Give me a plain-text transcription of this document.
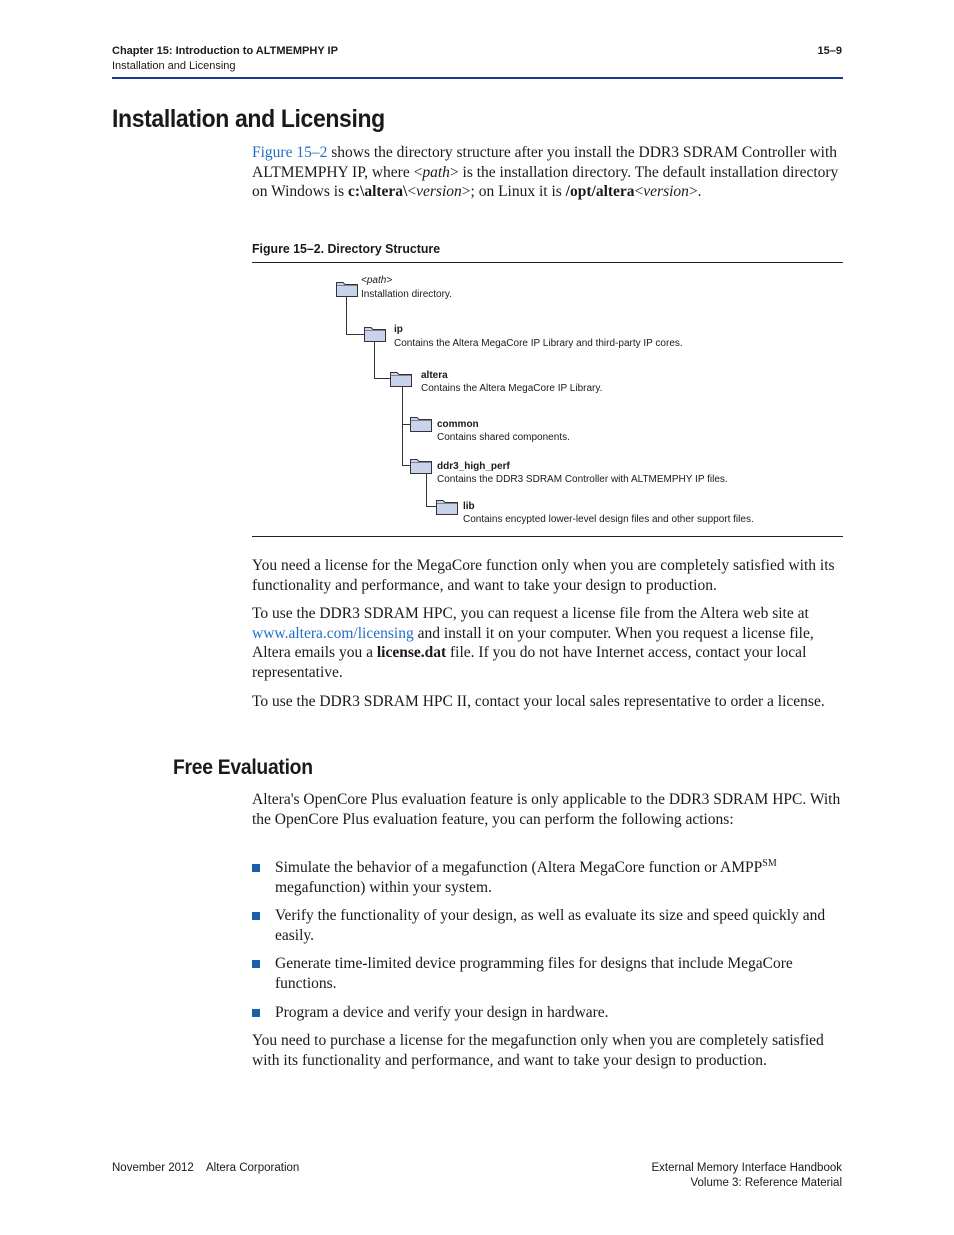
Chapter 15: Introduction to ALTMEMPHY IP
Installation and Licensing
15–9
Installation and Licensing
Figure 15–2 shows the directory structure after you install the DDR3 SDRAM Controller with ALTMEMPHY IP, where <path> is the installation directory. The default installation directory on Windows is c:\altera\<version>; on Linux it is /opt/altera<version>.
Figure 15–2. Directory Structure
<path>
Installation directory.
ip
Contains the Altera MegaCore IP Library and third-party IP cores.
altera
Contains the Altera MegaCore IP Library.
common
Contains shared components.
ddr3_high_perf
Contains the DDR3 SDRAM Controller with ALTMEMPHY IP files.
lib
Contains encypted lower-level design files and other support files.
You need a license for the MegaCore function only when you are completely satisfied with its functionality and performance, and want to take your design to production.
To use the DDR3 SDRAM HPC, you can request a license file from the Altera web site at www.altera.com/licensing and install it on your computer. When you request a license file, Altera emails you a license.dat file. If you do not have Internet access, contact your local representative.
To use the DDR3 SDRAM HPC II, contact your local sales representative to order a license.
Free Evaluation
Altera's OpenCore Plus evaluation feature is only applicable to the DDR3 SDRAM HPC. With the OpenCore Plus evaluation feature, you can perform the following actions:
Simulate the behavior of a megafunction (Altera MegaCore function or AMPP℠ megafunction) within your system.
Verify the functionality of your design, as well as evaluate its size and speed quickly and easily.
Generate time-limited device programming files for designs that include MegaCore functions.
Program a device and verify your design in hardware.
You need to purchase a license for the megafunction only when you are completely satisfied with its functionality and performance, and want to take your design to production.
November 2012    Altera Corporation	External Memory Interface Handbook
Volume 3: Reference Material
